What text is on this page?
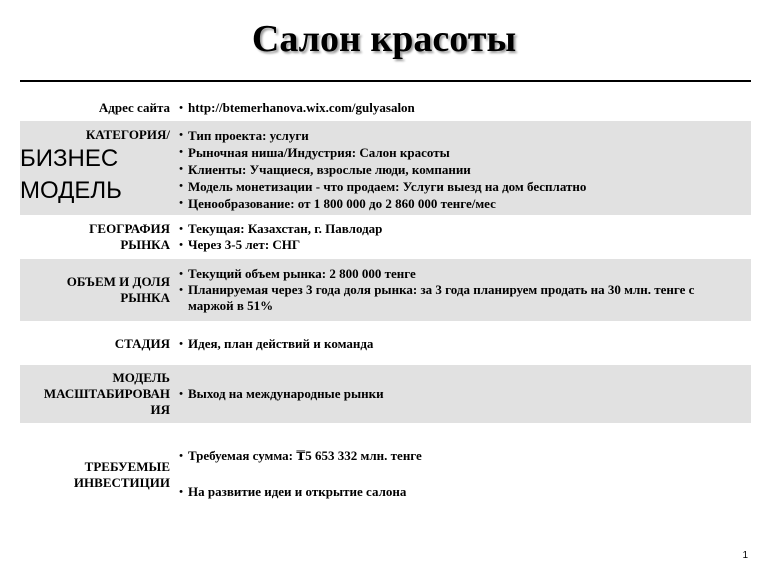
Салон красоты
Адрес сайта • http://btemerhanova.wix.com/gulyasalon
КАТЕГОРИЯ/
БИЗНЕС
МОДЕЛЬ
• Тип проекта: услуги
• Рыночная ниша/Индустрия: Салон красоты
• Клиенты: Учащиеся, взрослые люди, компании
• Модель монетизации - что продаем: Услуги выезд на дом бесплатно
• Ценообразование: от 1 800 000 до 2 860 000 тенге/мес
ГЕОГРАФИЯ
РЫНКА
• Текущая: Казахстан, г. Павлодар
• Через 3-5 лет: СНГ
ОБЪЕМ И ДОЛЯ
РЫНКА
• Текущий объем рынка: 2 800 000 тенге
• Планируемая через 3 года доля рынка: за 3 года планируем продать на 30 млн. тенге с маржой в 51%
СТАДИЯ • Идея, план действий и команда
МОДЕЛЬ
МАСШТАБИРОВАН
ИЯ
• Выход на международные рынки
ТРЕБУЕМЫЕ
ИНВЕСТИЦИИ
• Требуемая сумма: ₸5 653 332 млн. тенге
• На развитие идеи и открытие салона
1
